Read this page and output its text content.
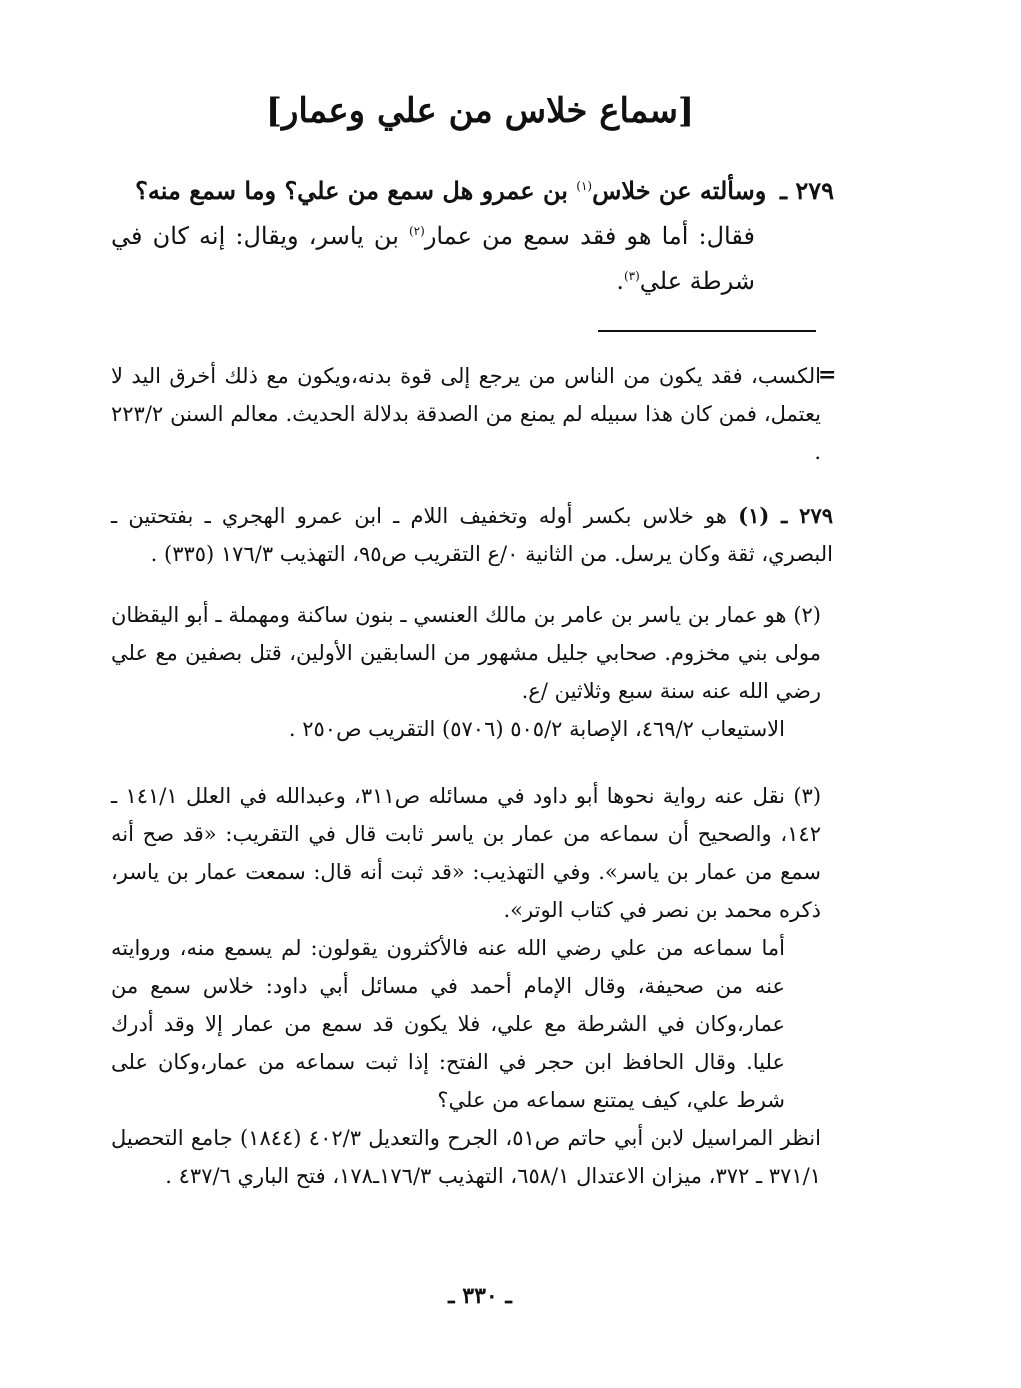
[سماع خلاس من علي وعمار]
٢٧٩ ـ وسألته عن خلاس$^{(١)}$ بن عمرو هل سمع من علي؟ وما سمع منه؟
فقال: أما هو فقد سمع من عمار$^{(٢)}$ بن ياسر، ويقال: إنه كان في شرطة علي$^{(٣)}$.
=

الكسب، فقد يكون من الناس من يرجع إلى قوة بدنه،ويكون مع ذلك أخرق اليد لا يعتمل، فمن كان هذا سبيله لم يمنع من الصدقة بدلالة الحديث. معالم السنن ٢٢٣/٢ .

٢٧٩ ـ (١) هو خلاس بكسر أوله وتخفيف اللام ـ ابن عمرو الهجري ـ بفتحتين ـ البصري، ثقة وكان يرسل. من الثانية ٠/ع التقريب ص٩٥، التهذيب ١٧٦/٣ (٣٣٥) .

(٢) هو عمار بن ياسر بن عامر بن مالك العنسي ـ بنون ساكنة ومهملة ـ أبو اليقظان مولى بني مخزوم. صحابي جليل مشهور من السابقين الأولين، قتل بصفين مع علي رضي الله عنه سنة سبع وثلاثين /ع.

الاستيعاب ٤٦٩/٢، الإصابة ٥٠٥/٢ (٥٧٠٦) التقريب ص٢٥٠ .

(٣) نقل عنه رواية نحوها أبو داود في مسائله ص٣١١، وعبدالله في العلل ١٤١/١ ـ ١٤٢، والصحيح أن سماعه من عمار بن ياسر ثابت قال في التقريب: «قد صح أنه سمع من عمار بن ياسر». وفي التهذيب: «قد ثبت أنه قال: سمعت عمار بن ياسر، ذكره محمد بن نصر في كتاب الوتر».

أما سماعه من علي رضي الله عنه فالأكثرون يقولون: لم يسمع منه، وروايته عنه من صحيفة، وقال الإمام أحمد في مسائل أبي داود: خلاس سمع من عمار،وكان في الشرطة مع علي، فلا يكون قد سمع من عمار إلا وقد أدرك عليا. وقال الحافظ ابن حجر في الفتح: إذا ثبت سماعه من عمار،وكان على شرط علي، كيف يمتنع سماعه من علي؟

انظر المراسيل لابن أبي حاتم ص٥١، الجرح والتعديل ٤٠٢/٣ (١٨٤٤) جامع التحصيل ٣٧١/١ ـ ٣٧٢، ميزان الاعتدال ٦٥٨/١، التهذيب ١٧٦/٣ـ١٧٨، فتح الباري ٤٣٧/٦ .

ـ ٣٣٠ ـ
